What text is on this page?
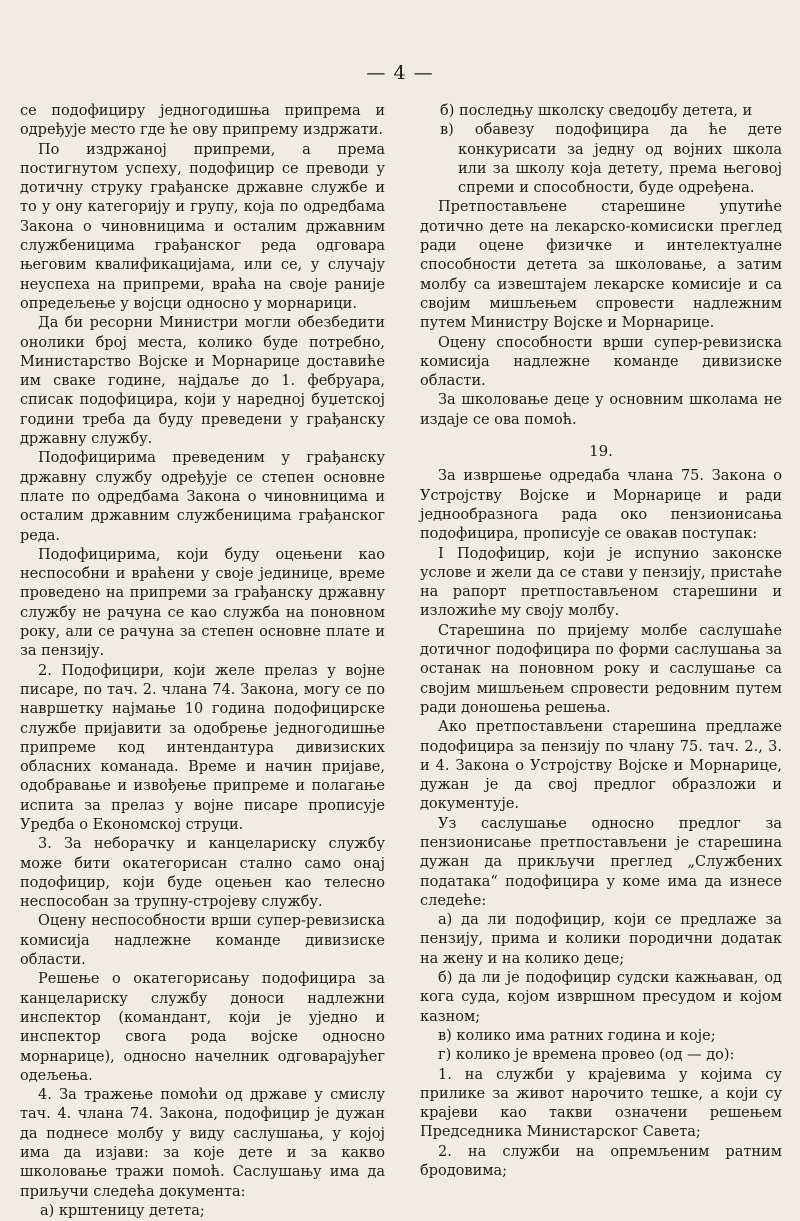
— 4 —

се подофициру једногодишња припрема и одређује место где ће ову припрему издржати.

По издржаној припреми, а према постигнутом успеху, подофицир се преводи у дотичну струку грађанске државне службе и то у ону категорију и групу, која по одредбама Закона о чиновницима и осталим државним службеницима грађанског реда одговара његовим квалификацијама, или се, у случају неуспеха на припреми, враћа на своје раније опредељење у војсци односно у морнарици.

Да би ресорни Министри могли обезбедити онолики број места, колико буде потребно, Министарство Војске и Морнарице доставиће им сваке године, најдаље до 1. фебруара, списак подофицира, који у наредној буџетској години треба да буду преведени у грађанску државну службу.

Подофицирима преведеним у грађанску државну службу одређује се степен основне плате по одредбама Закона о чиновницима и осталим државним службеницима грађанског реда.

Подофицирима, који буду оцењени као неспособни и враћени у своје јединице, време проведено на припреми за грађанску државну службу не рачуна се као служба на поновном року, али се рачуна за степен основне плате и за пензију.

2. Подофицири, који желе прелаз у војне писаре, по тач. 2. члана 74. Закона, могу се по навршетку најмање 10 година подофицирске службе пријавити за одобрење једногодишње припреме код интендантура дивизиских обласних команада. Време и начин пријаве, одобравање и извођење припреме и полагање испита за прелаз у војне писаре прописује Уредба о Економској струци.

3. За неборачку и канцелариску службу може бити окатегорисан стално само онај подофицир, који буде оцењен као телесно неспособан за трупну-стројеву службу.

Оцену неспособности врши супер-ревизиска комисија надлежне команде дивизиске области.

Решење о окатегорисању подофицира за канцелариску службу доноси надлежни инспектор (командант, који је уједно и инспектор свога рода војске односно морнарице), односно начелник одговарајућег одељења.

4. За тражење помоћи од државе у смислу тач. 4. члана 74. Закона, подофицир је дужан да поднесе молбу у виду саслушања, у којој има да изјави: за које дете и за какво школовање тражи помоћ. Саслушању има да приључи следећа документа:

а) крштеницу детета;

б) последњу школску сведоџбу детета, и

в) обавезу подофицира да ће дете конкурисати за једну од војних школа или за школу која детету, према његовој спреми и способности, буде одређена.

Претпостављене старешине упутиће дотично дете на лекарско-комисиски преглед ради оцене физичке и интелектуалне способности детета за школовање, а затим молбу са извештајем лекарске комисије и са својим мишљењем спровести надлежним путем Министру Војске и Морнарице.

Оцену способности врши супер-ревизиска комисија надлежне команде дивизиске области.

За школовање деце у основним школама не издаје се ова помоћ.

19.

За извршење одредаба члана 75. Закона о Устројству Војске и Морнарице и ради једнообразнога рада око пензионисања подофицира, прописује се овакав поступак:

І Подофицир, који је испунио законске услове и жели да се стави у пензију, пристаће на рапорт претпостављеном старешини и изложиће му своју молбу.

Старешина по пријему молбе саслушаће дотичног подофицира по форми саслушања за останак на поновном року и саслушање са својим мишљењем спровести редовним путем ради доношења решења.

Ако претпостављени старешина предлаже подофицира за пензију по члану 75. тач. 2., 3. и 4. Закона о Устројству Војске и Морнарице, дужан је да свој предлог образложи и документује.

Уз саслушање односно предлог за пензионисање претпостављени је старешина дужан да прикључи преглед „Службених података“ подофицира у коме има да изнесе следеће:

а) да ли подофицир, који се предлаже за пензију, прима и колики породични додатак на жену и на колико деце;

б) да ли је подофицир судски кажњаван, од кога суда, којом извршном пресудом и којом казном;

в) колико има ратних година и које;

г) колико је времена провео (од — до):

1. на служби у крајевима у којима су прилике за живот нарочито тешке, а који су крајеви као такви означени решењем Председника Министарског Савета;

2. на служби на опремљеним ратним бродовима;
